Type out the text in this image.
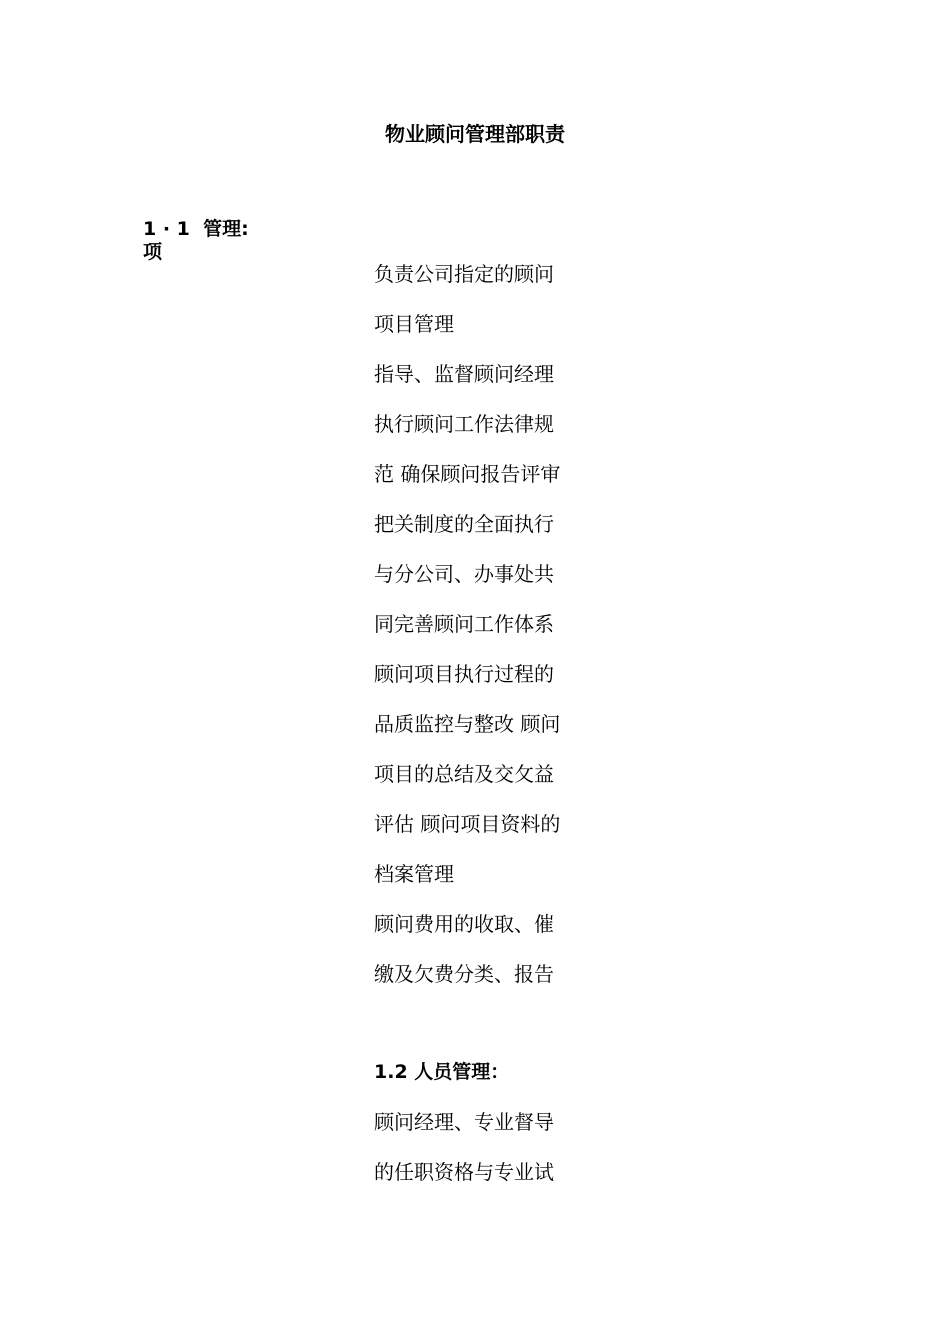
物业顾问管理部职责
1 · 1  管理:
项
负责公司指定的顾问
项目管理
指导、监督顾问经理
执行顾问工作法律规
范 确保顾问报告评审
把关制度的全面执行
与分公司、办事处共
同完善顾问工作体系
顾问项目执行过程的
品质监控与整改 顾问
项目的总结及交攵益
评估 顾问项目资料的
档案管理
顾问费用的收取、催
缴及欠费分类、报告
1.2 人员管理：
顾问经理、专业督导
的任职资格与专业试
